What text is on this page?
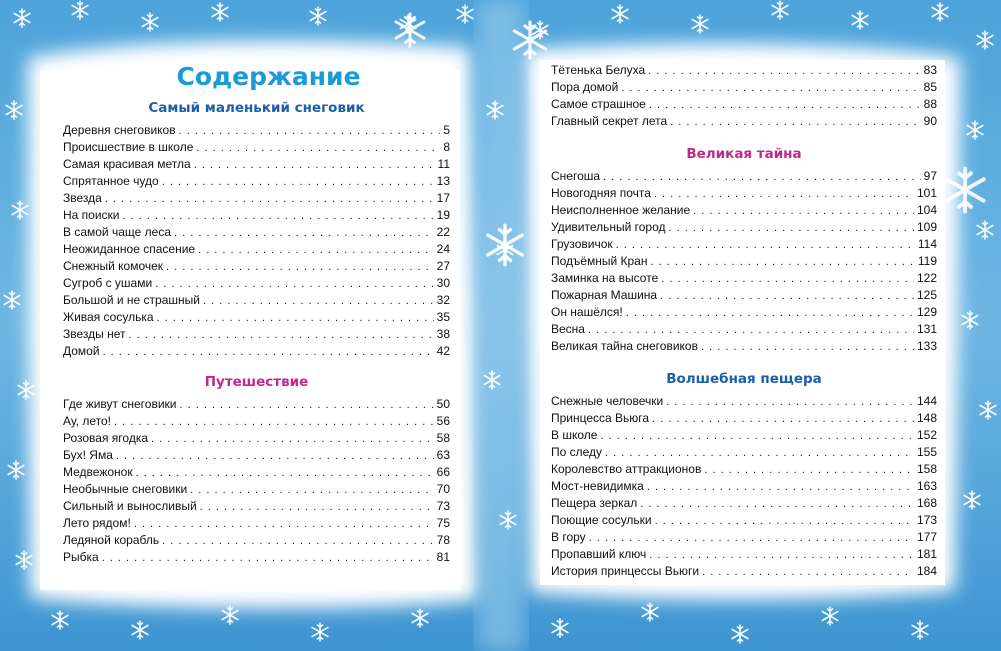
Содержание
Самый маленький снеговик
Деревня снеговиков . . .	5
Происшествие в школе . . .	8
Самая красивая метла . . .	11
Спрятанное чудо . . .	13
Звезда . . .	17
На поиски . . .	19
В самой чаще леса . . .	22
Неожиданное спасение . . .	24
Снежный комочек . . .	27
Сугроб с ушами . . .	30
Большой и не страшный . . .	32
Живая сосулька . . .	35
Звезды нет . . .	38
Домой . . .	42
Путешествие
Где живут снеговики . . .	50
Ау, лето! . . .	56
Розовая ягодка . . .	58
Бух! Яма . . .	63
Медвежонок . . .	66
Необычные снеговики . . .	70
Сильный и выносливый . . .	73
Лето рядом! . . .	75
Ледяной корабль . . .	78
Рыбка . . .	81
Тётенька Белуха . . .	83
Пора домой . . .	85
Самое страшное . . .	88
Главный секрет лета . . .	90
Великая тайна
Снегоша . . .	97
Новогодняя почта . . .	101
Неисполненное желание . . .	104
Удивительный город . . .	109
Грузовичок . . .	114
Подъёмный Кран . . .	119
Заминка на высоте . . .	122
Пожарная Машина . . .	125
Он нашёлся! . . .	129
Весна . . .	131
Великая тайна снеговиков . . .	133
Волшебная пещера
Снежные человечки . . .	144
Принцесса Вьюга . . .	148
В школе . . .	152
По следу . . .	155
Королевство аттракционов . . .	158
Мост-невидимка . . .	163
Пещера зеркал . . .	168
Поющие сосульки . . .	173
В гору . . .	177
Пропавший ключ . . .	181
История принцессы Вьюги . . .	184
